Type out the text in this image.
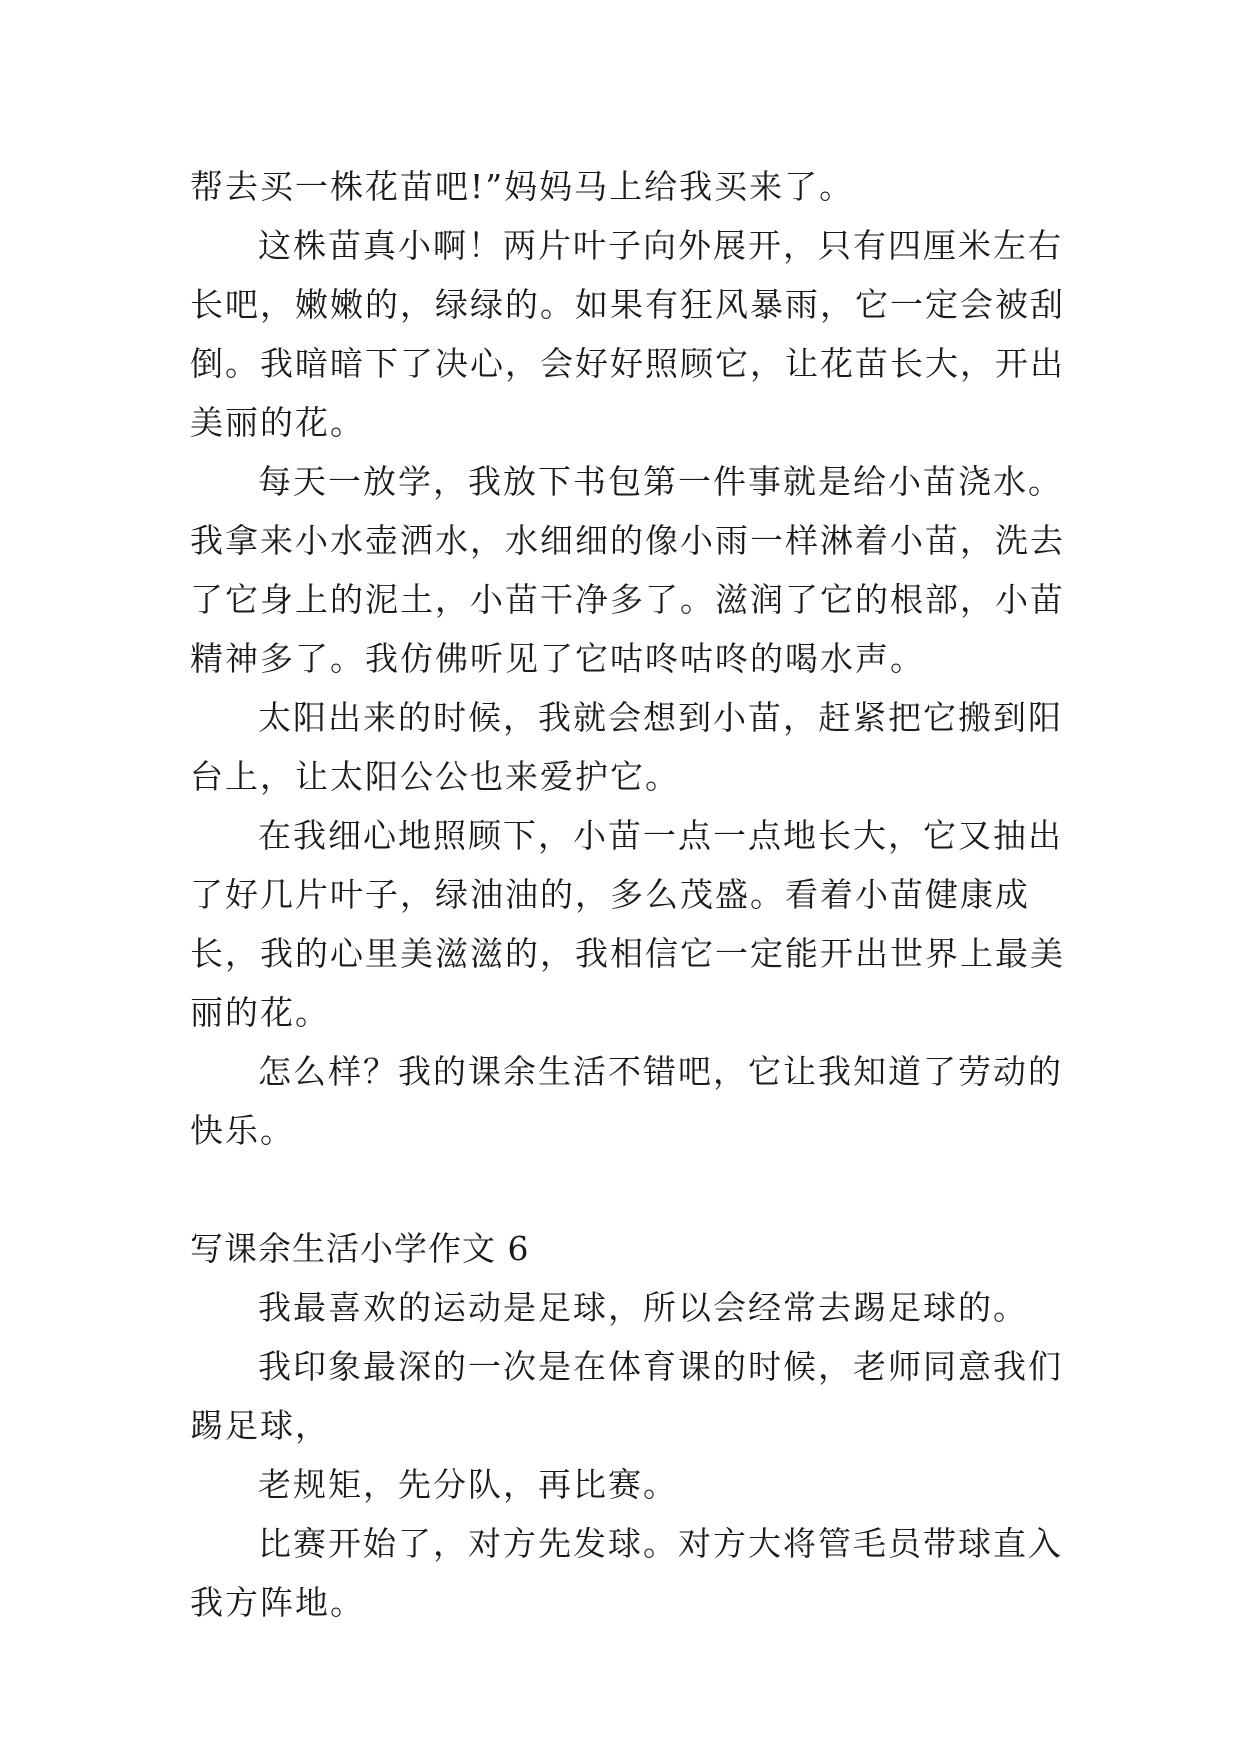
帮去买一株花苗吧!”妈妈马上给我买来了。

这株苗真小啊！两片叶子向外展开，只有四厘米左右长吧，嫩嫩的，绿绿的。如果有狂风暴雨，它一定会被刮倒。我暗暗下了决心，会好好照顾它，让花苗长大，开出美丽的花。

每天一放学，我放下书包第一件事就是给小苗浇水。我拿来小水壶洒水，水细细的像小雨一样淋着小苗，洗去了它身上的泥土，小苗干净多了。滋润了它的根部，小苗精神多了。我仿佛听见了它咕咚咕咚的喝水声。

太阳出来的时候，我就会想到小苗，赶紧把它搬到阳台上，让太阳公公也来爱护它。

在我细心地照顾下，小苗一点一点地长大，它又抽出了好几片叶子，绿油油的，多么茂盛。看着小苗健康成长，我的心里美滋滋的，我相信它一定能开出世界上最美丽的花。

怎么样？我的课余生活不错吧，它让我知道了劳动的快乐。

写课余生活小学作文 6

我最喜欢的运动是足球，所以会经常去踢足球的。

我印象最深的一次是在体育课的时候，老师同意我们踢足球，

老规矩，先分队，再比赛。

比赛开始了，对方先发球。对方大将管毛员带球直入我方阵地。
